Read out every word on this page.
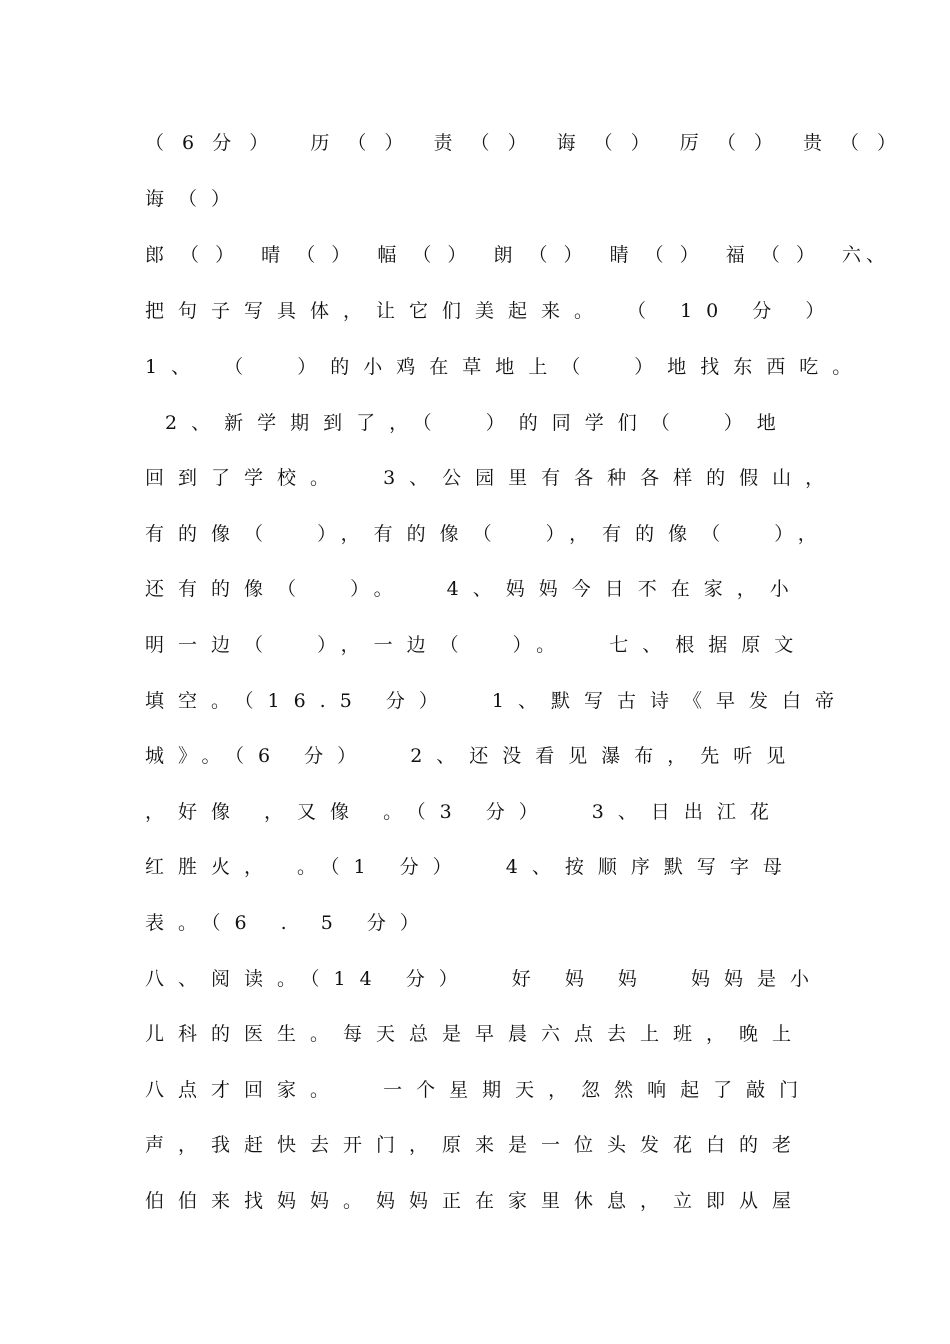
（ 6 分 ）   历 （ ）  责 （ ）  诲 （ ）  厉 （ ）  贵 （ ）
诲（）
郎 （ ）  晴 （ ）  幅 （ ）  朗 （ ）  睛 （ ）  福 （ ）  六、
把句子写具体，让它们美起来。 （ 10 分 ）
1、 （  ）的小鸡在草地上（  ）地找东西吃。
2、新学期到了，（  ）的同学们（  ）地
回到了学校。  3、公园里有各种各样的假山，
有的像（  ），有的像（  ），有的像（  ），
还有的像（  ）。  4、妈妈今日不在家，小
明一边（  ），一边（  ）。  七、根据原文
填空。（16.5 分）  1、默写古诗《早发白帝
城》。（6 分）  2、还没看见瀑布，先听见
，好像 ，又像 。（3 分）  3、日出江花
红胜火， 。（1 分）  4、按顺序默写字母
表。（6 . 5 分）
八、阅读。（14 分）  好 妈 妈  妈妈是小
儿科的医生。每天总是早晨六点去上班，晚上
八点才回家。  一个星期天，忽然响起了敲门
声，我赶快去开门，原来是一位头发花白的老
伯伯来找妈妈。妈妈正在家里休息，立即从屋
